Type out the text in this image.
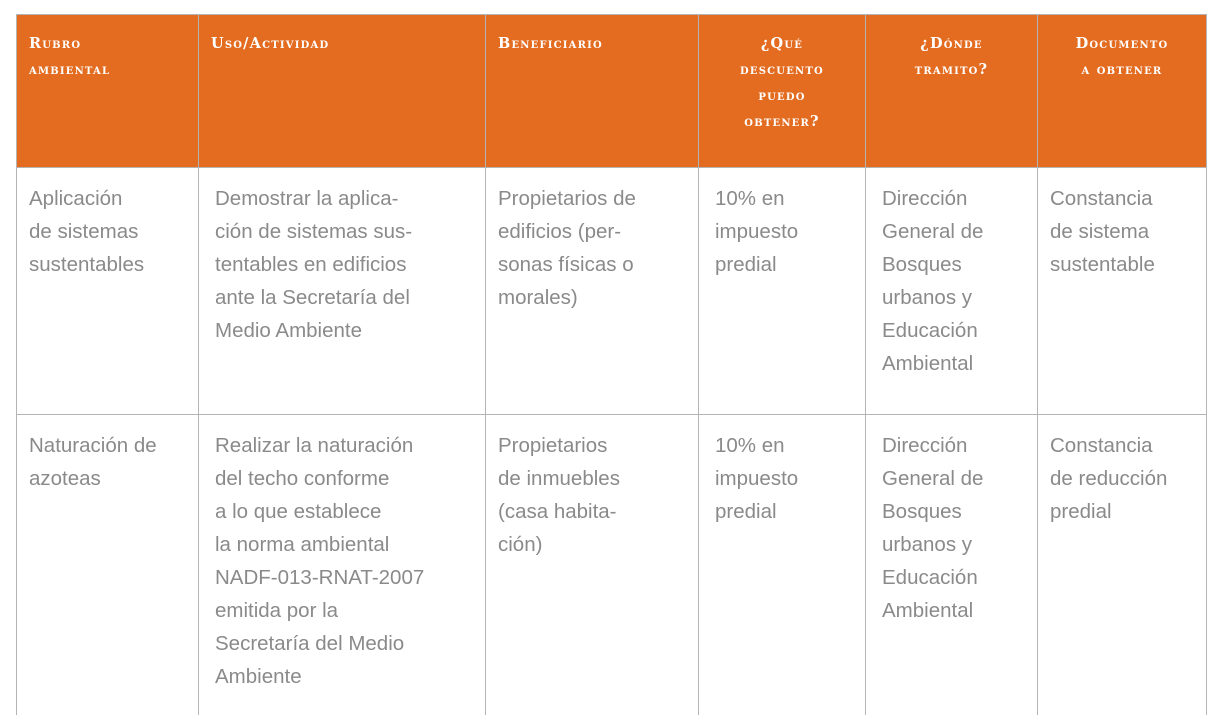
Rubro
ambiental
Uso/Actividad	Beneficiario	¿Qué
descuento
puedo
obtener?
¿Dónde
tramito?
Documento
a obtener
Aplicación
de sistemas
sustentables
Demostrar la aplica-
ción de sistemas sus-
tentables en edificios
ante la Secretaría del
Medio Ambiente
Propietarios de
edificios (per-
sonas físicas o
morales)
10% en
impuesto
predial
Dirección
General de
Bosques
urbanos y
Educación
Ambiental
Constancia
de sistema
sustentable
Naturación de
azoteas
Realizar la naturación
del techo conforme
a lo que establece
la norma ambiental
NADF-013-RNAT-2007
emitida por la
Secretaría del Medio
Ambiente
Propietarios
de inmuebles
(casa habita-
ción)
10% en
impuesto
predial
Dirección
General de
Bosques
urbanos y
Educación
Ambiental
Constancia
de reducción
predial
